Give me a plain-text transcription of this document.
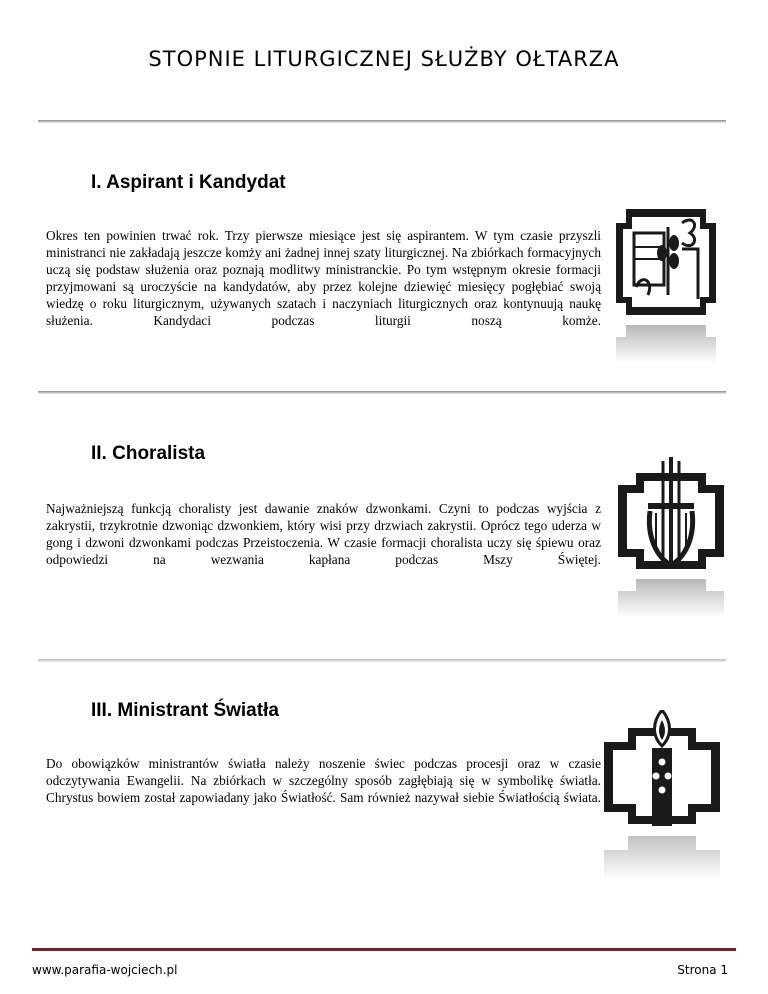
STOPNIE LITURGICZNEJ SŁUŻBY OŁTARZA
I. Aspirant i Kandydat

Okres ten powinien trwać rok. Trzy pierwsze miesiące jest się aspirantem. W tym czasie przyszli ministranci nie zakładają jeszcze komży ani żadnej innej szaty liturgicznej. Na zbiórkach formacyjnych uczą się podstaw służenia oraz poznają modlitwy ministranckie. Po tym wstępnym okresie formacji przyjmowani są uroczyście na kandydatów, aby przez kolejne dziewięć miesięcy pogłębiać swoją wiedzę o roku liturgicznym, używanych szatach i naczyniach liturgicznych oraz kontynuują naukę służenia. Kandydaci podczas liturgii noszą komże.

II. Choralista

Najważniejszą funkcją choralisty jest dawanie znaków dzwonkami. Czyni to podczas wyjścia z zakrystii, trzykrotnie dzwoniąc dzwonkiem, który wisi przy drzwiach zakrystii. Oprócz tego uderza w gong i dzwoni dzwonkami podczas Przeistoczenia. W czasie formacji choralista uczy się śpiewu oraz odpowiedzi na wezwania kapłana podczas Mszy Świętej.

III. Ministrant Światła

Do obowiązków ministrantów światła należy noszenie świec podczas procesji oraz w czasie odczytywania Ewangelii. Na zbiórkach w szczególny sposób zagłębiają się w symbolikę światła. Chrystus bowiem został zapowiadany jako Światłość. Sam również nazywał siebie Światłością świata.

www.parafia-wojciech.pl	Strona 1
